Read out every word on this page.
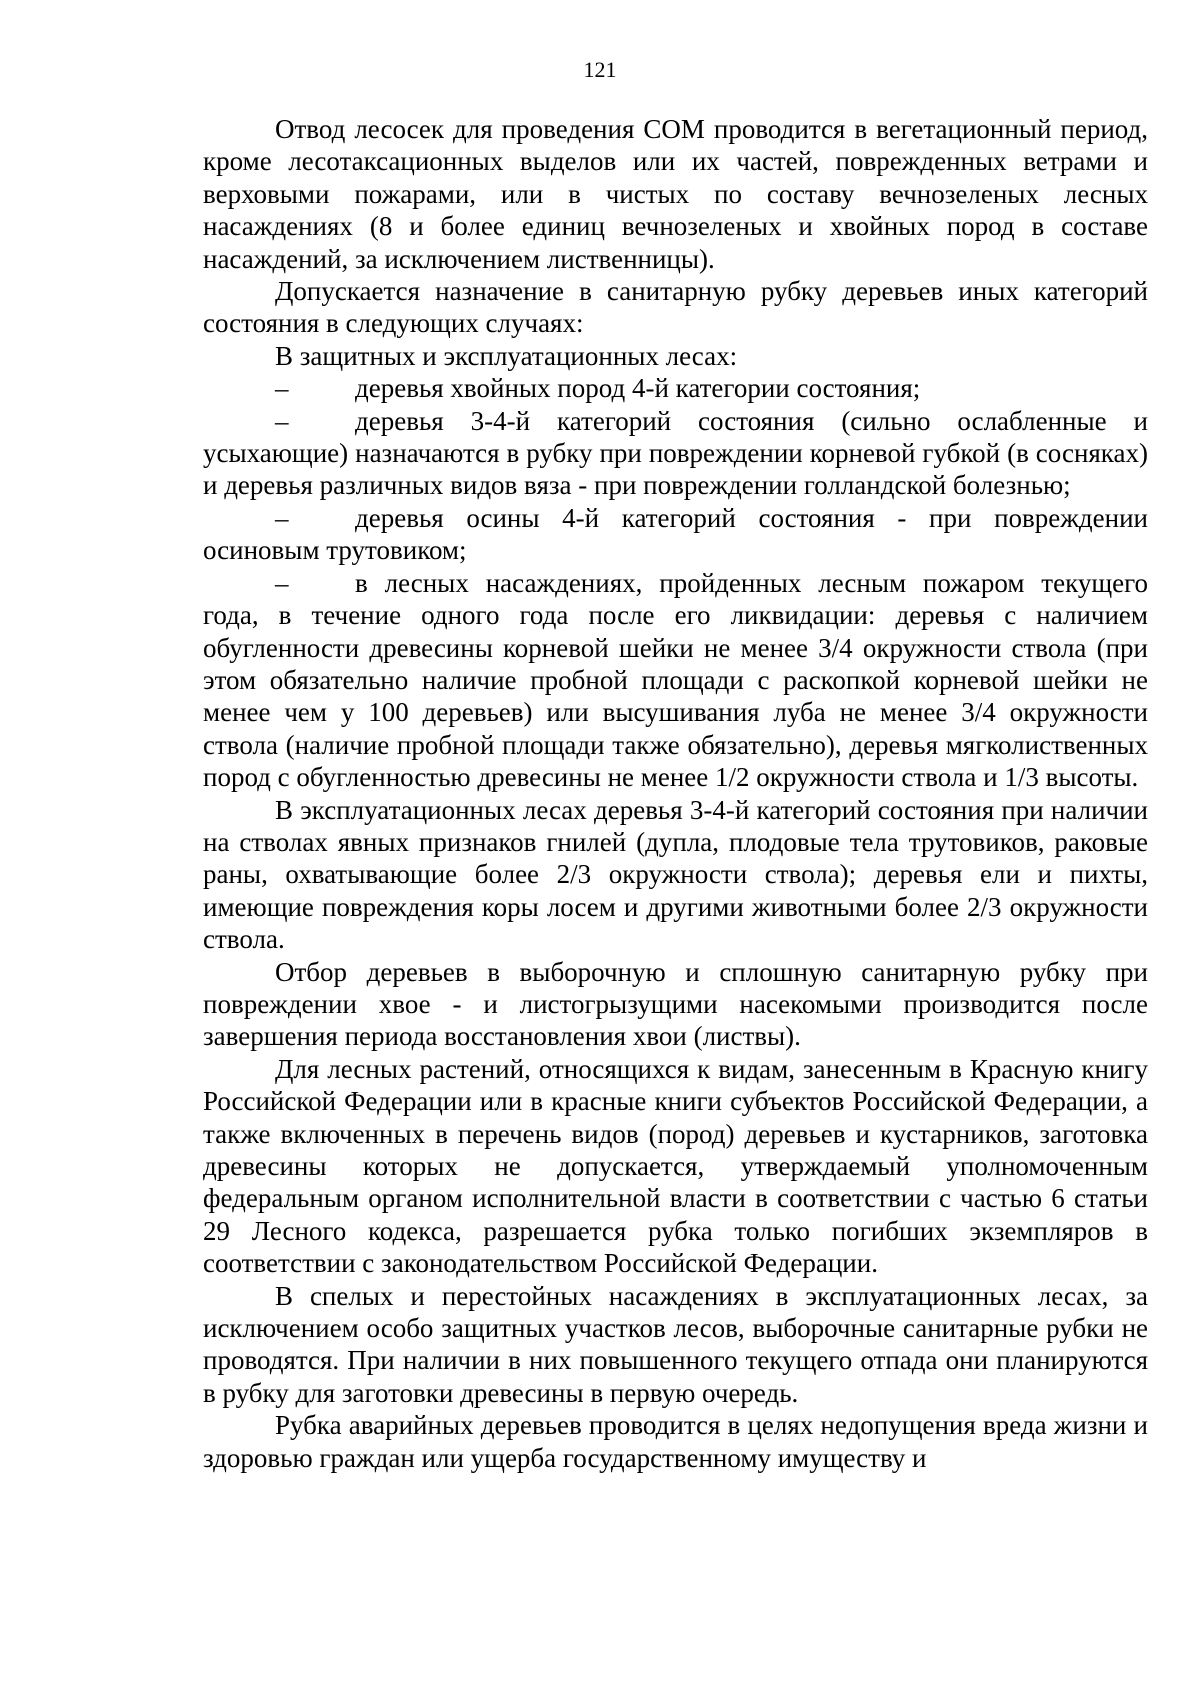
121

Отвод лесосек для проведения СОМ проводится в вегетационный период, кроме лесотаксационных выделов или их частей, поврежденных ветрами и верховыми пожарами, или в чистых по составу вечнозеленых лесных насаждениях (8 и более единиц вечнозеленых и хвойных пород в составе насаждений, за исключением лиственницы).

Допускается назначение в санитарную рубку деревьев иных категорий состояния в следующих случаях:

В защитных и эксплуатационных лесах:

– деревья хвойных пород 4-й категории состояния;

– деревья 3-4-й категорий состояния (сильно ослабленные и усыхающие) назначаются в рубку при повреждении корневой губкой (в сосняках) и деревья различных видов вяза - при повреждении голландской болезнью;

– деревья осины 4-й категорий состояния - при повреждении осиновым трутовиком;

– в лесных насаждениях, пройденных лесным пожаром текущего года, в течение одного года после его ликвидации: деревья с наличием обугленности древесины корневой шейки не менее 3/4 окружности ствола (при этом обязательно наличие пробной площади с раскопкой корневой шейки не менее чем у 100 деревьев) или высушивания луба не менее 3/4 окружности ствола (наличие пробной площади также обязательно), деревья мягколиственных пород с обугленностью древесины не менее 1/2 окружности ствола и 1/3 высоты.

В эксплуатационных лесах деревья 3-4-й категорий состояния при наличии на стволах явных признаков гнилей (дупла, плодовые тела трутовиков, раковые раны, охватывающие более 2/3 окружности ствола); деревья ели и пихты, имеющие повреждения коры лосем и другими животными более 2/3 окружности ствола.

Отбор деревьев в выборочную и сплошную санитарную рубку при повреждении хвое - и листогрызущими насекомыми производится после завершения периода восстановления хвои (листвы).

Для лесных растений, относящихся к видам, занесенным в Красную книгу Российской Федерации или в красные книги субъектов Российской Федерации, а также включенных в перечень видов (пород) деревьев и кустарников, заготовка древесины которых не допускается, утверждаемый уполномоченным федеральным органом исполнительной власти в соответствии с частью 6 статьи 29 Лесного кодекса, разрешается рубка только погибших экземпляров в соответствии с законодательством Российской Федерации.

В спелых и перестойных насаждениях в эксплуатационных лесах, за исключением особо защитных участков лесов, выборочные санитарные рубки не проводятся. При наличии в них повышенного текущего отпада они планируются в рубку для заготовки древесины в первую очередь.

Рубка аварийных деревьев проводится в целях недопущения вреда жизни и здоровью граждан или ущерба государственному имуществу и
